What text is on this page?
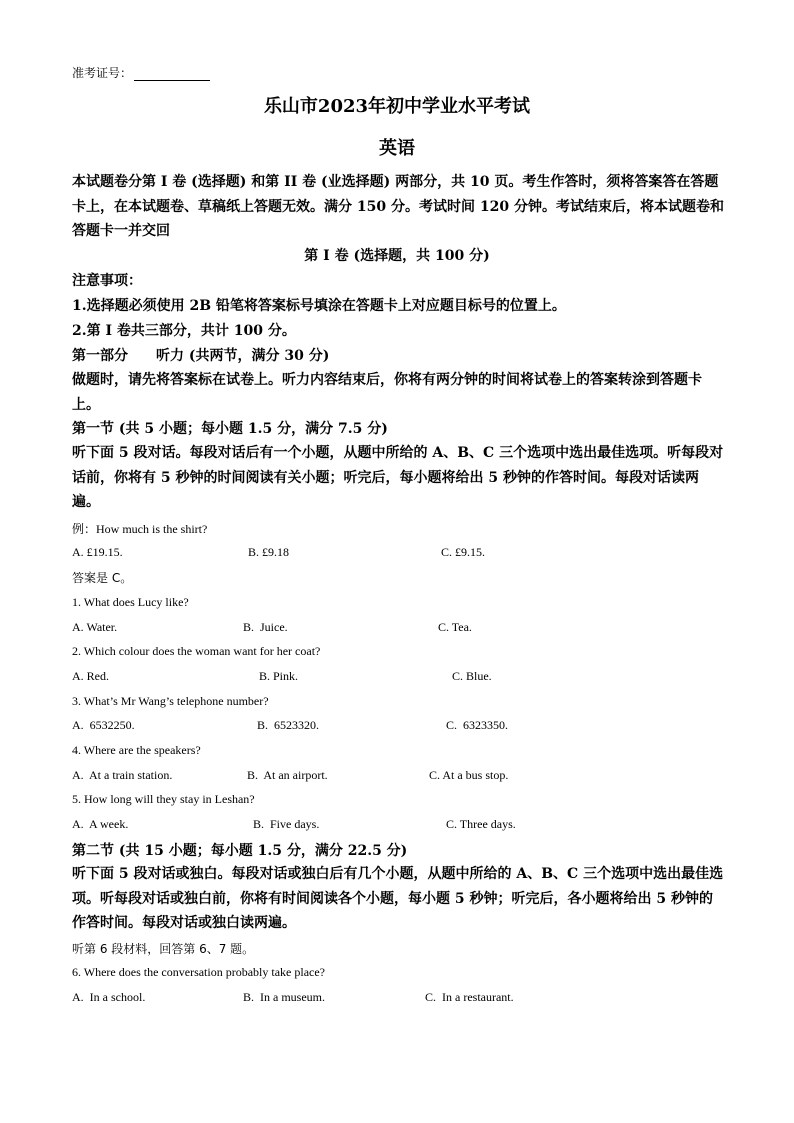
准考证号：
乐山市2023年初中学业水平考试
英语
本试题卷分第 I 卷 (选择题) 和第 II 卷 (业选择题) 两部分，共 10 页。考生作答时，须将答案答在答题卡上，在本试题卷、草稿纸上答题无效。满分 150 分。考试时间 120 分钟。考试结束后，将本试题卷和答题卡一并交回
第 I 卷 (选择题，共 100 分)
注意事项：
1.选择题必须使用 2B 铅笔将答案标号填涂在答题卡上对应题目标号的位置上。
2.第 I 卷共三部分，共计 100 分。
第一部分　　听力 (共两节，满分 30 分)
做题时，请先将答案标在试卷上。听力内容结束后，你将有两分钟的时间将试卷上的答案转涂到答题卡上。
第一节 (共 5 小题；每小题 1.5 分，满分 7.5 分)
听下面 5 段对话。每段对话后有一个小题，从题中所给的 A、B、C 三个选项中选出最佳选项。听每段对话前，你将有 5 秒钟的时间阅读有关小题；听完后，每小题将给出 5 秒钟的作答时间。每段对话读两遍。
例：How much is the shirt?
A. £19.15.	B. £9.18	C. £9.15.
答案是 C。
1. What does Lucy like?
A. Water.	B.  Juice.	C. Tea.
2. Which colour does the woman want for her coat?
A. Red.	B. Pink.	C. Blue.
3. What’s Mr Wang’s telephone number?
A.  6532250.	B.  6523320.	C.  6323350.
4. Where are the speakers?
A.  At a train station.	B.  At an airport.	C. At a bus stop.
5. How long will they stay in Leshan?
A.  A week.	B.  Five days.	C. Three days.
第二节 (共 15 小题；每小题 1.5 分，满分 22.5 分)
听下面 5 段对话或独白。每段对话或独白后有几个小题，从题中所给的 A、B、C 三个选项中选出最佳选项。听每段对话或独白前，你将有时间阅读各个小题，每小题 5 秒钟；听完后，各小题将给出 5 秒钟的作答时间。每段对话或独白读两遍。
听第 6 段材料，回答第 6、7 题。
6. Where does the conversation probably take place?
A.  In a school.	B.  In a museum.	C.  In a restaurant.
